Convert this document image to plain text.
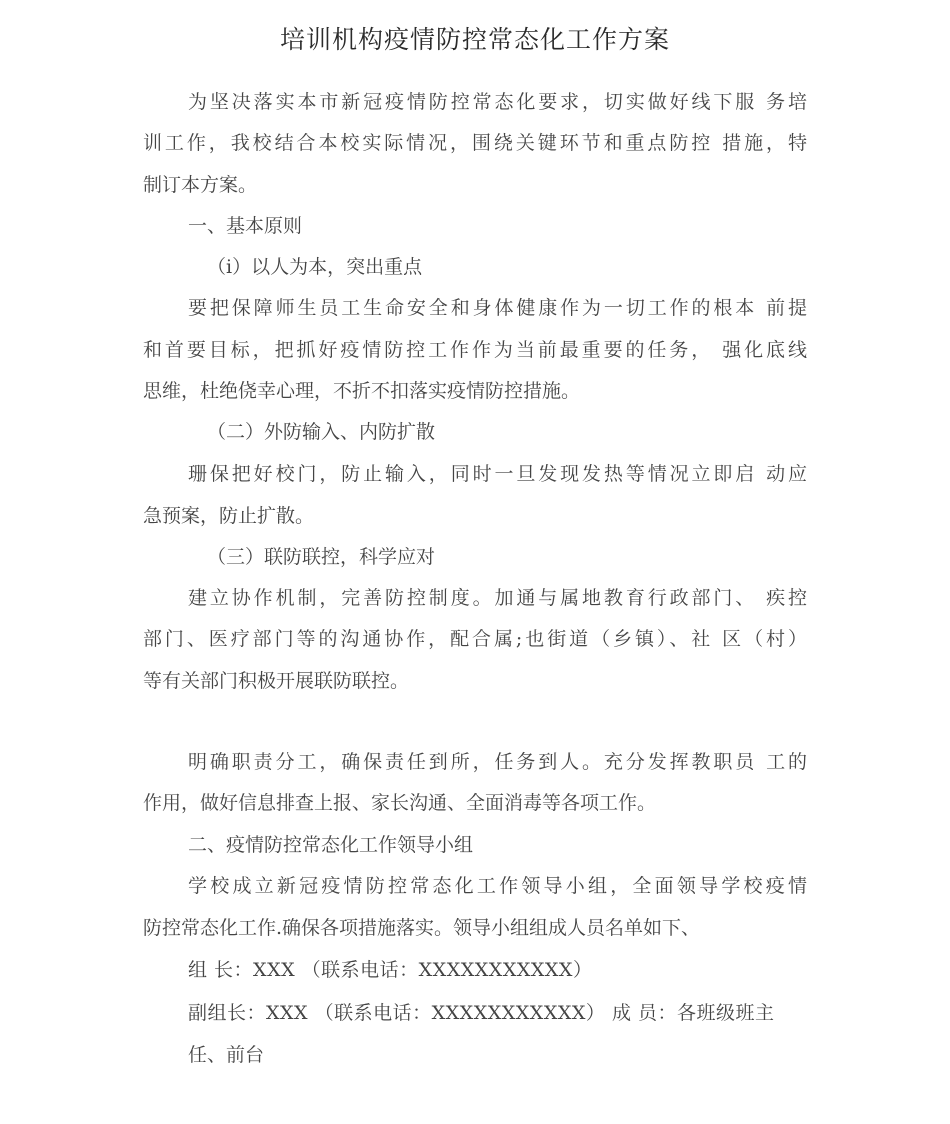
培训机构疫情防控常态化工作方案
为坚决落实本市新冠疫情防控常态化要求，切实做好线下服 务培
训工作，我校结合本校实际情况，围绕关键环节和重点防控 措施，特
制订本方案。
一、基本原则
（i）以人为本，突出重点
要把保障师生员工生命安全和身体健康作为一切工作的根本 前提
和首要目标，把抓好疫情防控工作作为当前最重要的任务， 强化底线
思维，杜绝侥幸心理，不折不扣落实疫情防控措施。
（二）外防输入、内防扩散
珊保把好校门，防止输入，同时一旦发现发热等情况立即启 动应
急预案，防止扩散。
（三）联防联控，科学应对
建立协作机制，完善防控制度。加通与属地教育行政部门、 疾控
部门、医疗部门等的沟通协作，配合属;也街道（乡镇）、社 区（村）
等有关部门积极开展联防联控。
明确职责分工，确保责任到所，任务到人。充分发挥教职员 工的
作用，做好信息排查上报、家长沟通、全面消毒等各项工作。
二、疫情防控常态化工作领导小组
学校成立新冠疫情防控常态化工作领导小组，全面领导学校疫情
防控常态化工作.确保各项措施落实。领导小组组成人员名单如下、
组 长：XXX （联系电话：XXXXXXXXXXX）
副组长：XXX （联系电话：XXXXXXXXXXX） 成 员：各班级班主
任、前台
